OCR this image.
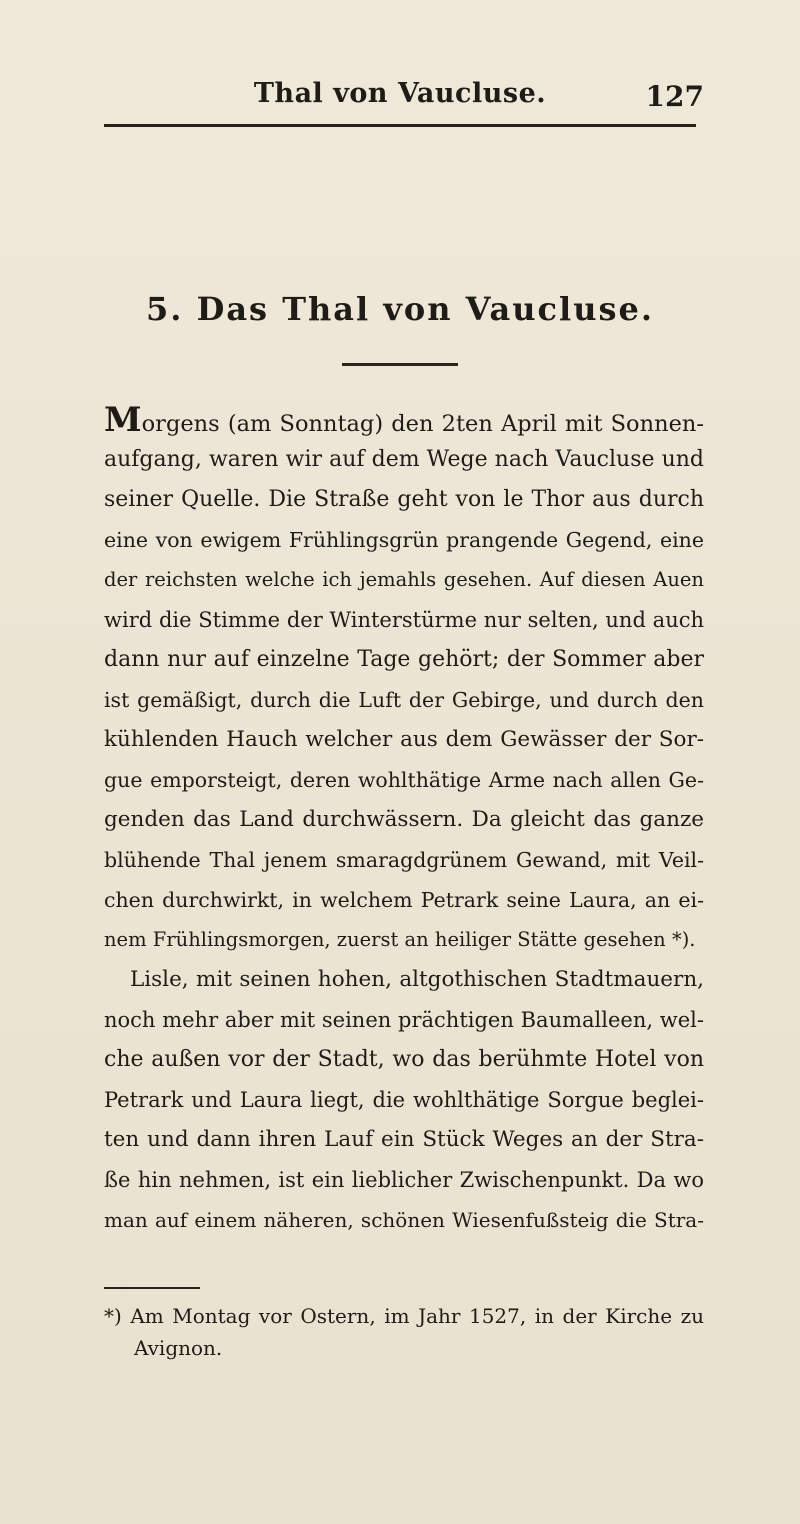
Thal von Vaucluse.	127
5. Das Thal von Vaucluse.
Morgens (am Sonntag) den 2ten April mit Sonnen-
aufgang, waren wir auf dem Wege nach Vaucluse und
seiner Quelle. Die Straße geht von le Thor aus durch
eine von ewigem Frühlingsgrün prangende Gegend, eine
der reichsten welche ich jemahls gesehen. Auf diesen Auen
wird die Stimme der Winterstürme nur selten, und auch
dann nur auf einzelne Tage gehört; der Sommer aber
ist gemäßigt, durch die Luft der Gebirge, und durch den
kühlenden Hauch welcher aus dem Gewässer der Sor-
gue emporsteigt, deren wohlthätige Arme nach allen Ge-
genden das Land durchwässern. Da gleicht das ganze
blühende Thal jenem smaragdgrünem Gewand, mit Veil-
chen durchwirkt, in welchem Petrark seine Laura, an ei-
nem Frühlingsmorgen, zuerst an heiliger Stätte gesehen *).
Lisle, mit seinen hohen, altgothischen Stadtmauern,
noch mehr aber mit seinen prächtigen Baumalleen, wel-
che außen vor der Stadt, wo das berühmte Hotel von
Petrark und Laura liegt, die wohlthätige Sorgue beglei-
ten und dann ihren Lauf ein Stück Weges an der Stra-
ße hin nehmen, ist ein lieblicher Zwischenpunkt. Da wo
man auf einem näheren, schönen Wiesenfußsteig die Stra-
*) Am Montag vor Ostern, im Jahr 1527, in der Kirche zu
Avignon.
